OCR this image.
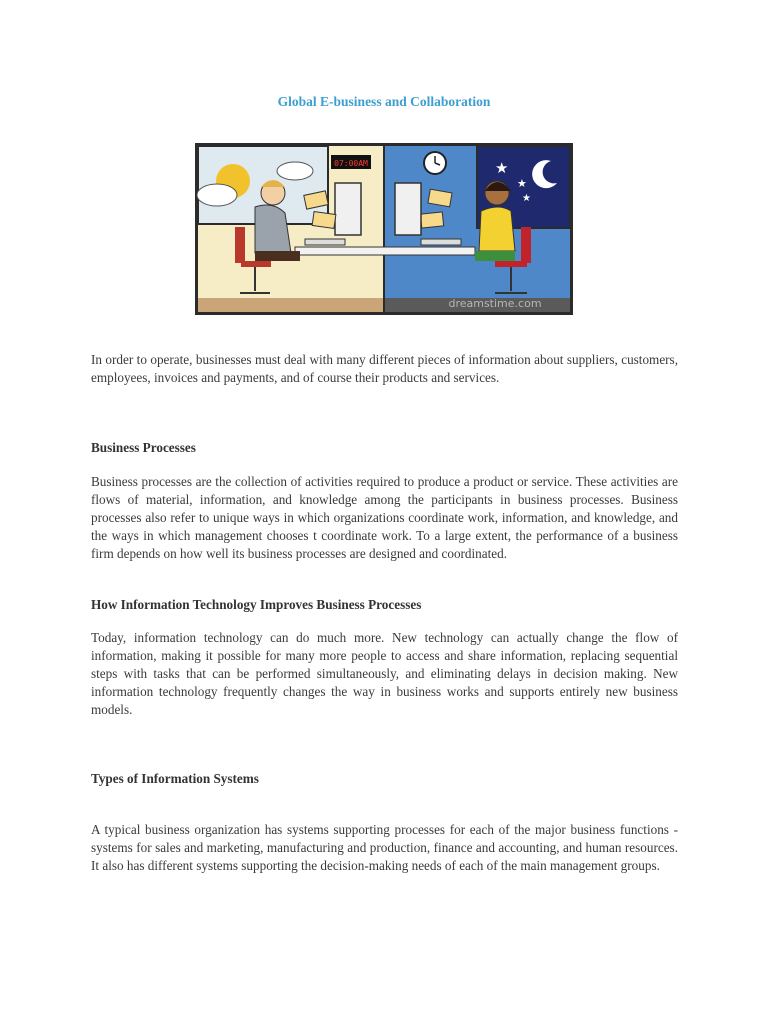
Global E-business and Collaboration
07:00AM	★
★
★
dreamstime.com

In order to operate, businesses must deal with many different pieces of information about suppliers, customers, employees, invoices and payments, and of course their products and services.

Business Processes

Business processes are the collection of activities required to produce a product or service. These activities are flows of material, information, and knowledge among the participants in business processes. Business processes also refer to unique ways in which organizations coordinate work, information, and knowledge, and the ways in which management chooses t coordinate work. To a large extent, the performance of a business firm depends on how well its business processes are designed and coordinated.

How Information Technology Improves Business Processes

Today, information technology can do much more. New technology can actually change the flow of information, making it possible for many more people to access and share information, replacing sequential steps with tasks that can be performed simultaneously, and eliminating delays in decision making. New information technology frequently changes the way in business works and supports entirely new business models.

Types of Information Systems

A typical business organization has systems supporting processes for each of the major business functions - systems for sales and marketing, manufacturing and production, finance and accounting, and human resources. It also has different systems supporting the decision-making needs of each of the main management groups.
